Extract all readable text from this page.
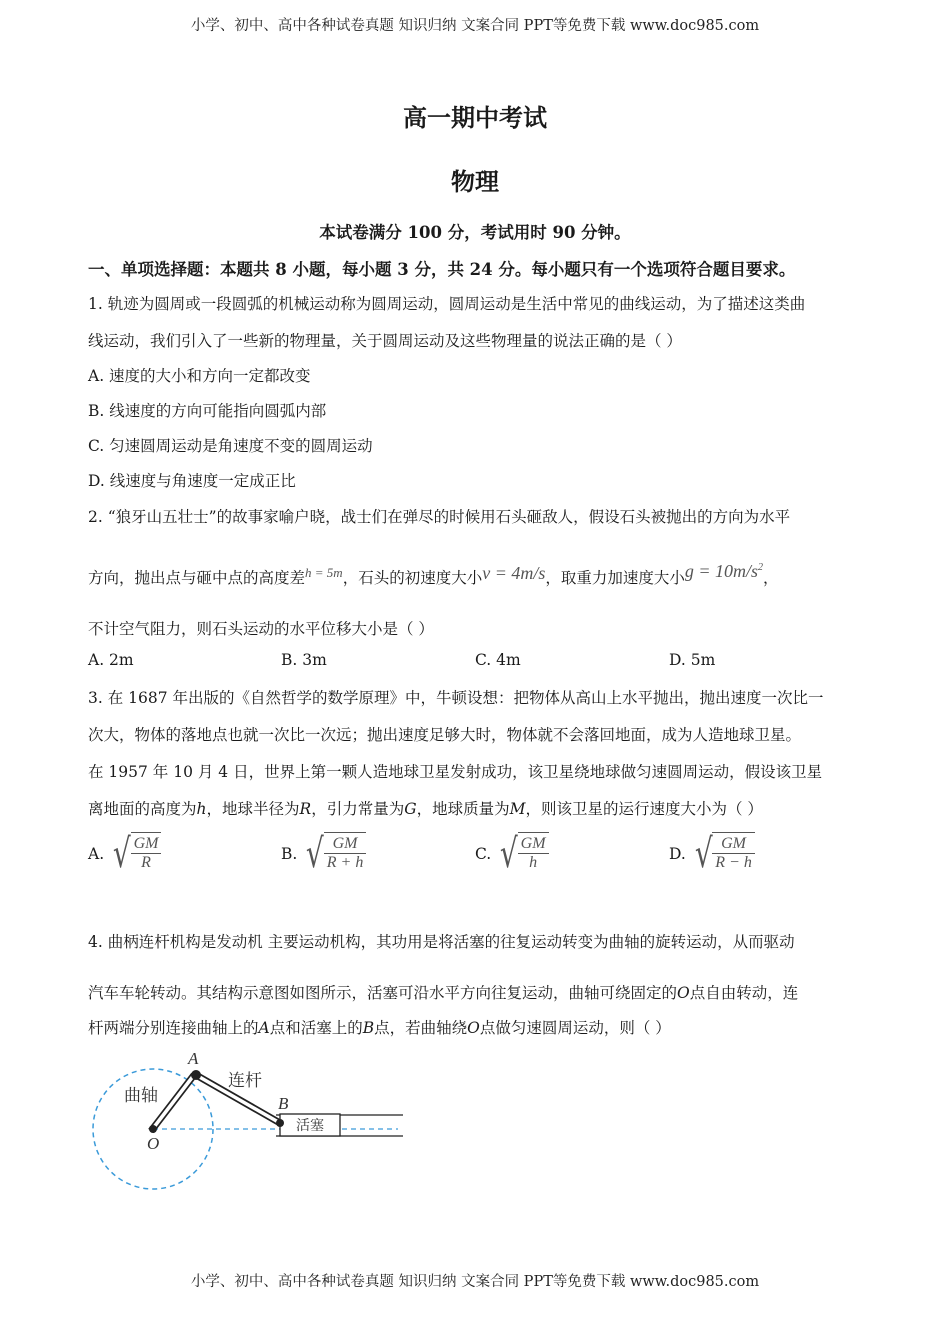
小学、初中、高中各种试卷真题 知识归纳 文案合同 PPT等免费下载 www.doc985.com
小学、初中、高中各种试卷真题 知识归纳 文案合同 PPT等免费下载 www.doc985.com
高一期中考试
物理
本试卷满分 100 分，考试用时 90 分钟。
一、单项选择题：本题共 8 小题，每小题 3 分，共 24 分。每小题只有一个选项符合题目要求。
1. 轨迹为圆周或一段圆弧的机械运动称为圆周运动，圆周运动是生活中常见的曲线运动，为了描述这类曲
线运动，我们引入了一些新的物理量，关于圆周运动及这些物理量的说法正确的是（ ）
A. 速度的大小和方向一定都改变
B. 线速度的方向可能指向圆弧内部
C. 匀速圆周运动是角速度不变的圆周运动
D. 线速度与角速度一定成正比
2. “狼牙山五壮士”的故事家喻户晓，战士们在弹尽的时候用石头砸敌人，假设石头被抛出的方向为水平
方向，抛出点与砸中点的高度差$^{h = 5m}$，石头的初速度大小v = 4m/s，取重力加速度大小$g = 10m/s^2$，
不计空气阻力，则石头运动的水平位移大小是（ ）
A. 2m	B. 3m	C. 4m	D. 5m
3. 在 1687 年出版的《自然哲学的数学原理》中，牛顿设想：把物体从高山上水平抛出，抛出速度一次比一
次大，物体的落地点也就一次比一次远；抛出速度足够大时，物体就不会落回地面，成为人造地球卫星。
在 1957 年 10 月 4 日，世界上第一颗人造地球卫星发射成功，该卫星绕地球做匀速圆周运动，假设该卫星
离地面的高度为h，地球半径为R，引力常量为G，地球质量为M，则该卫星的运行速度大小为（ ）
A. √ $\frac{GM}{R}$	B. √ $\frac{GM}{R + h}$	C. √ $\frac{GM}{h}$	D. √ $\frac{GM}{R - h}$
4. 曲柄连杆机构是发动机 主要运动机构，其功用是将活塞的往复运动转变为曲轴的旋转运动，从而驱动
汽车车轮转动。其结构示意图如图所示，活塞可沿水平方向往复运动，曲轴可绕固定的O点自由转动，连
杆两端分别连接曲轴上的A点和活塞上的B点，若曲轴绕O点做匀速圆周运动，则（ ）
活塞
曲轴
连杆
A
B
O
